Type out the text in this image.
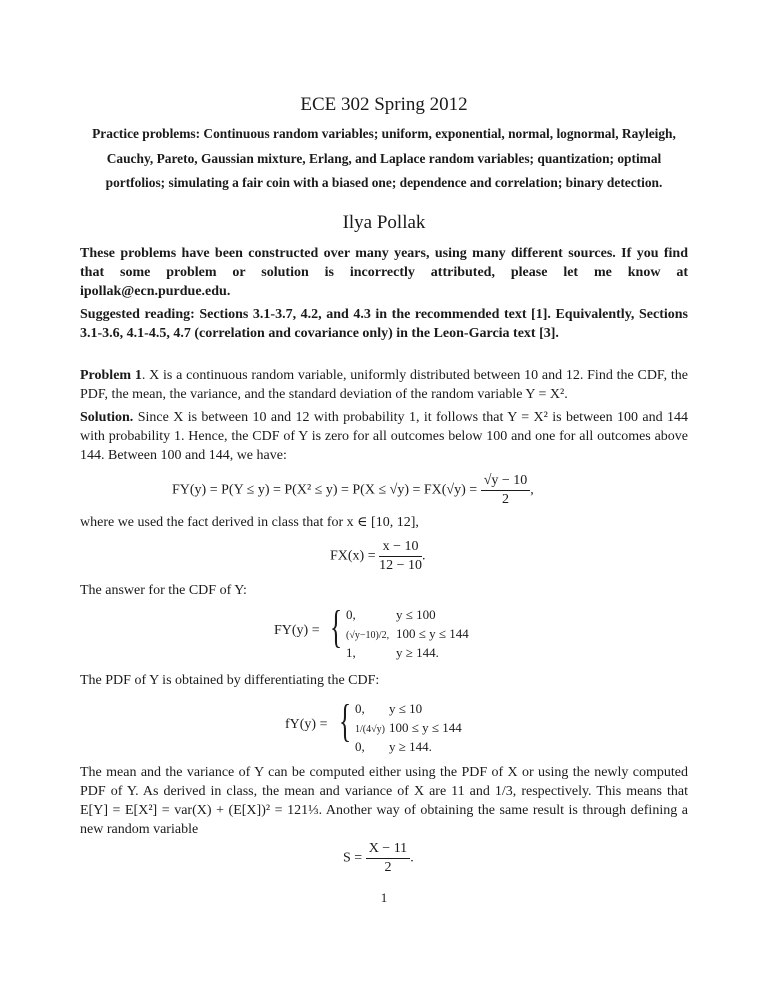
ECE 302 Spring 2012
Practice problems: Continuous random variables; uniform, exponential, normal, lognormal, Rayleigh, Cauchy, Pareto, Gaussian mixture, Erlang, and Laplace random variables; quantization; optimal portfolios; simulating a fair coin with a biased one; dependence and correlation; binary detection.
Ilya Pollak
These problems have been constructed over many years, using many different sources. If you find that some problem or solution is incorrectly attributed, please let me know at ipollak@ecn.purdue.edu.
Suggested reading: Sections 3.1-3.7, 4.2, and 4.3 in the recommended text [1]. Equivalently, Sections 3.1-3.6, 4.1-4.5, 4.7 (correlation and covariance only) in the Leon-Garcia text [3].
Problem 1. X is a continuous random variable, uniformly distributed between 10 and 12. Find the CDF, the PDF, the mean, the variance, and the standard deviation of the random variable Y = X².
Solution. Since X is between 10 and 12 with probability 1, it follows that Y = X² is between 100 and 144 with probability 1. Hence, the CDF of Y is zero for all outcomes below 100 and one for all outcomes above 144. Between 100 and 144, we have:
$FY(y) = P(Y \le y) = P(X^2 \le y) = P(X \le √y) = FX(√y) = \frac{√y - 10}{2}$ ,
where we used the fact derived in class that for x ∈ [10, 12],
$FX(x) = \frac{x - 10}{12 - 10}$ .
The answer for the CDF of Y:
FY(y) = { 0,	y ≤ 100
(√y−10)/2, 100 ≤ y ≤ 144
1,	y ≥ 144.
The PDF of Y is obtained by differentiating the CDF:
fY(y) = { 0, y ≤ 10
1/(4√y) 100 ≤ y ≤ 144
0, y ≥ 144.
The mean and the variance of Y can be computed either using the PDF of X or using the newly computed PDF of Y. As derived in class, the mean and variance of X are 11 and 1/3, respectively. This means that E[Y] = E[X²] = var(X) + (E[X])² = 121⅓. Another way of obtaining the same result is through defining a new random variable
$S = \frac{X - 11}{2}$ .
1
